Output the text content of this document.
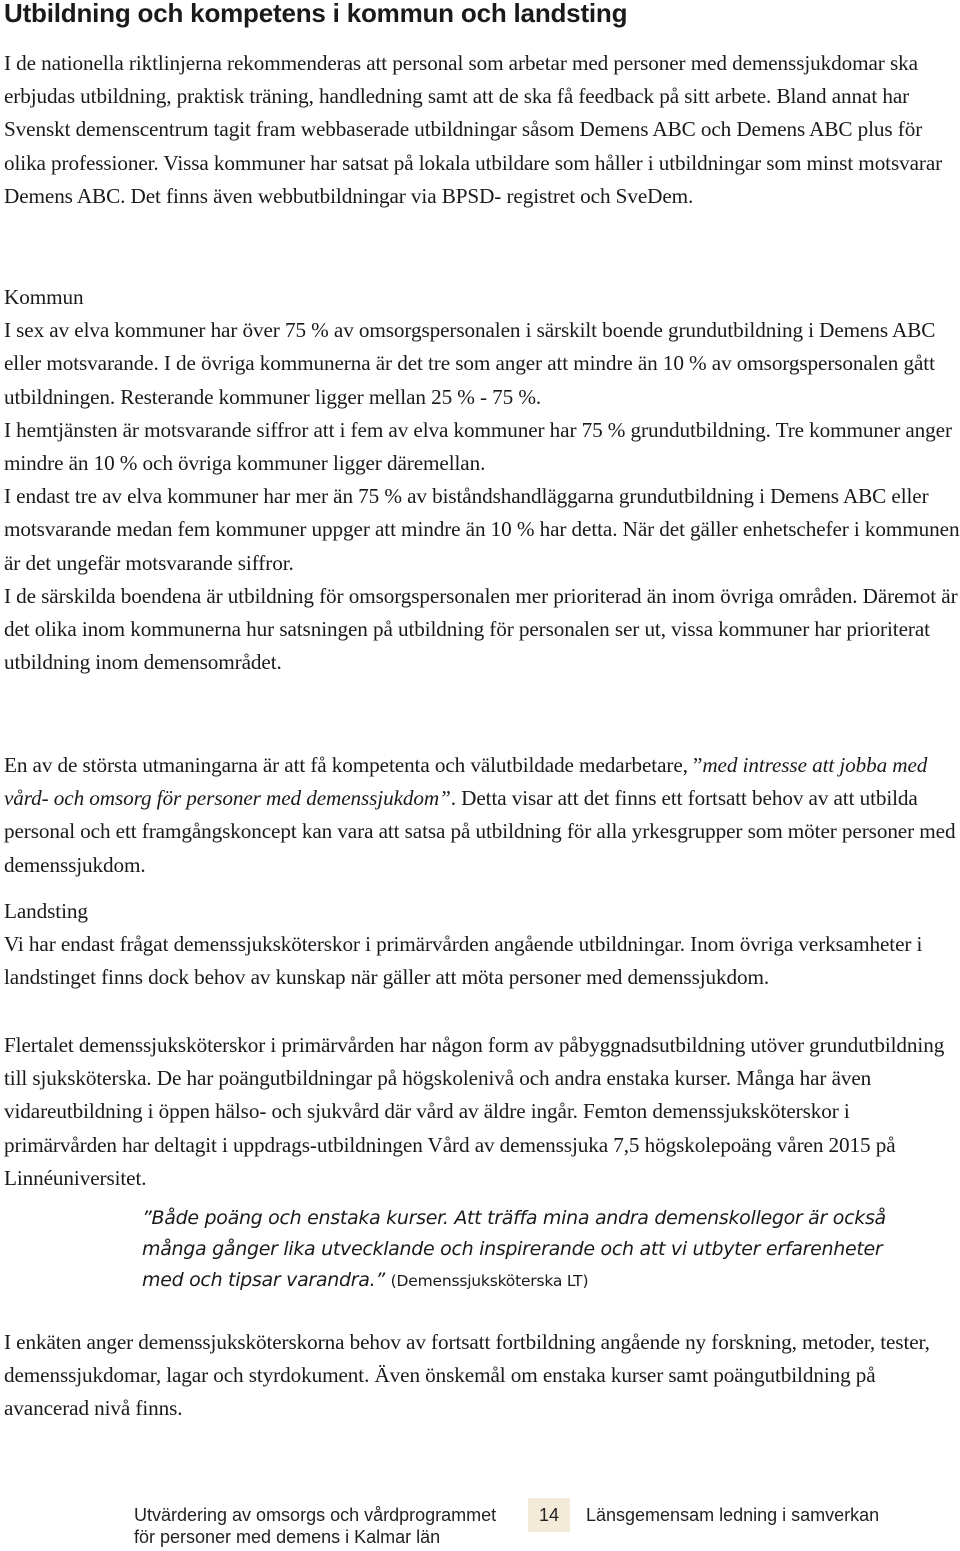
Utbildning och kompetens i kommun och landsting

I de nationella riktlinjerna rekommenderas att personal som arbetar med personer med demenssjukdomar ska erbjudas utbildning, praktisk träning, handledning samt att de ska få feedback på sitt arbete. Bland annat har Svenskt demenscentrum tagit fram webbaserade utbildningar såsom Demens ABC och Demens ABC plus för olika professioner. Vissa kommuner har satsat på lokala utbildare som håller i utbildningar som minst motsvarar Demens ABC. Det finns även webbutbildningar via BPSD- registret och SveDem.

Kommun

I sex av elva kommuner har över 75 % av omsorgspersonalen i särskilt boende grundutbildning i Demens ABC eller motsvarande. I de övriga kommunerna är det tre som anger att mindre än 10 % av omsorgspersonalen gått utbildningen. Resterande kommuner ligger mellan 25 % - 75 %.

I hemtjänsten är motsvarande siffror att i fem av elva kommuner har 75 % grundutbildning. Tre kommuner anger mindre än 10 % och övriga kommuner ligger däremellan.

I endast tre av elva kommuner har mer än 75 % av biståndshandläggarna grundutbildning i Demens ABC eller motsvarande medan fem kommuner uppger att mindre än 10 % har detta. När det gäller enhetschefer i kommunen är det ungefär motsvarande siffror.

I de särskilda boendena är utbildning för omsorgspersonalen mer prioriterad än inom övriga områden. Däremot är det olika inom kommunerna hur satsningen på utbildning för personalen ser ut, vissa kommuner har prioriterat utbildning inom demensområdet.

En av de största utmaningarna är att få kompetenta och välutbildade medarbetare, ”med intresse att jobba med vård- och omsorg för personer med demenssjukdom”. Detta visar att det finns ett fortsatt behov av att utbilda personal och ett framgångskoncept kan vara att satsa på utbildning för alla yrkesgrupper som möter personer med demenssjukdom.

Landsting

Vi har endast frågat demenssjuksköterskor i primärvården angående utbildningar. Inom övriga verksamheter i landstinget finns dock behov av kunskap när gäller att möta personer med demenssjukdom.

Flertalet demenssjuksköterskor i primärvården har någon form av påbyggnadsutbildning utöver grundutbildning till sjuksköterska. De har poängutbildningar på högskolenivå och andra enstaka kurser. Många har även vidareutbildning i öppen hälso- och sjukvård där vård av äldre ingår. Femton demenssjuksköterskor i primärvården har deltagit i uppdrags-utbildningen Vård av demenssjuka 7,5 högskolepoäng våren 2015 på Linnéuniversitet.

”Både poäng och enstaka kurser. Att träffa mina andra demenskollegor är också många gånger lika utvecklande och inspirerande och att vi utbyter erfarenheter med och tipsar varandra.” (Demenssjuksköterska LT)

I enkäten anger demenssjuksköterskorna behov av fortsatt fortbildning angående ny forskning, metoder, tester, demenssjukdomar, lagar och styrdokument. Även önskemål om enstaka kurser samt poängutbildning på avancerad nivå finns.

Utvärdering av omsorgs och vårdprogrammet
för personer med demens i Kalmar län
14	Länsgemensam ledning i samverkan
